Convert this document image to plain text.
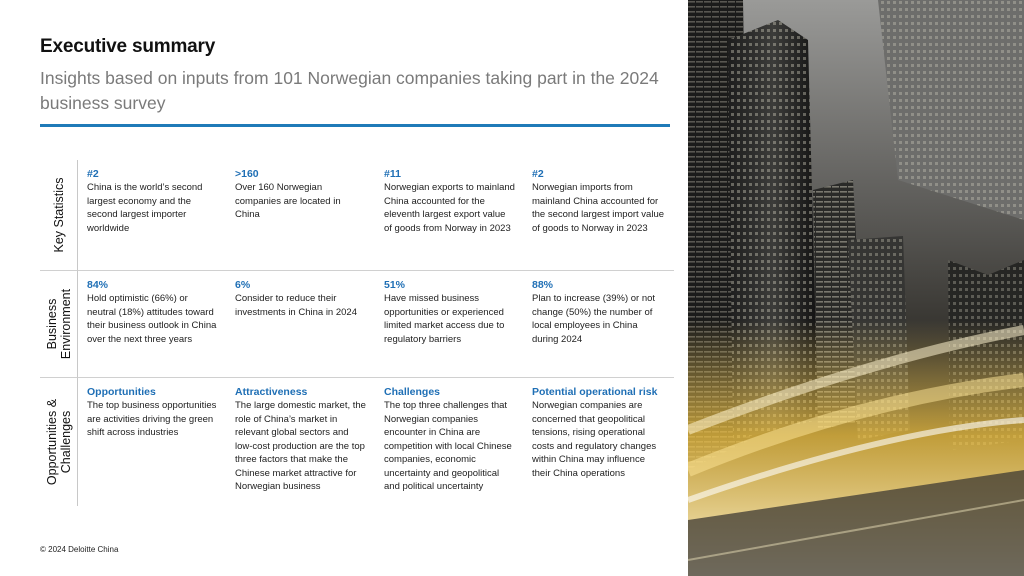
Executive summary

Insights based on inputs from 101 Norwegian companies taking part in the 2024 business survey

Key Statistics
#2
China is the world’s second largest economy and the second largest importer worldwide
>160
Over 160 Norwegian companies are located in China
#11
Norwegian exports to mainland China accounted for the eleventh largest export value of goods from Norway in 2023
#2
Norwegian imports from mainland China accounted for the second largest import value of goods to Norway in 2023
Business Environment
84%
Hold optimistic (66%) or neutral (18%) attitudes toward their business outlook in China over the next three years
6%
Consider to reduce their investments in China in 2024
51%
Have missed business opportunities or experienced limited market access due to regulatory barriers
88%
Plan to increase (39%) or not change (50%) the number of local employees in China during 2024
Opportunities & Challenges
Opportunities
The top business opportunities are activities driving the green shift across industries
Attractiveness
The large domestic market, the role of China’s market in relevant global sectors and low-cost production are the top three factors that make the Chinese market attractive for Norwegian business
Challenges
The top three challenges that Norwegian companies encounter in China are competition with local Chinese companies, economic uncertainty and geopolitical and political uncertainty
Potential operational risk
Norwegian companies are concerned that geopolitical tensions, rising operational costs and regulatory changes within China may influence their China operations
© 2024 Deloitte China
